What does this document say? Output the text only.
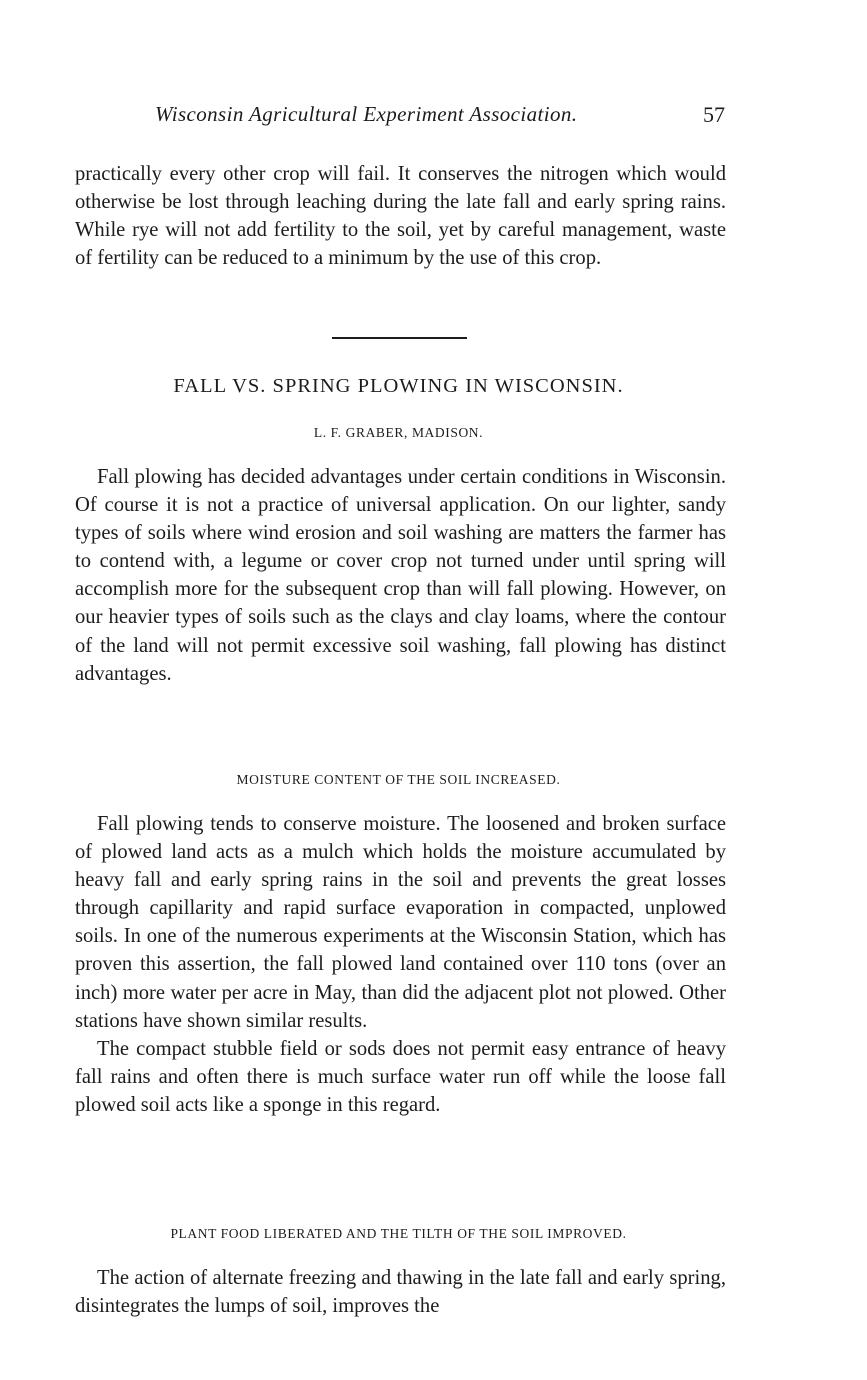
Wisconsin Agricultural Experiment Association.	57

practically every other crop will fail. It conserves the nitrogen which would otherwise be lost through leaching during the late fall and early spring rains. While rye will not add fertility to the soil, yet by careful management, waste of fertility can be reduced to a minimum by the use of this crop.

FALL VS. SPRING PLOWING IN WISCONSIN.
L. F. GRABER, MADISON.

Fall plowing has decided advantages under certain conditions in Wisconsin. Of course it is not a practice of universal application. On our lighter, sandy types of soils where wind erosion and soil washing are matters the farmer has to contend with, a legume or cover crop not turned under until spring will accomplish more for the subsequent crop than will fall plowing. However, on our heavier types of soils such as the clays and clay loams, where the contour of the land will not permit excessive soil washing, fall plowing has distinct advantages.

MOISTURE CONTENT OF THE SOIL INCREASED.

Fall plowing tends to conserve moisture. The loosened and broken surface of plowed land acts as a mulch which holds the moisture accumulated by heavy fall and early spring rains in the soil and prevents the great losses through capillarity and rapid surface evaporation in compacted, unplowed soils. In one of the numerous experiments at the Wisconsin Station, which has proven this assertion, the fall plowed land contained over 110 tons (over an inch) more water per acre in May, than did the adjacent plot not plowed. Other stations have shown similar results.

The compact stubble field or sods does not permit easy entrance of heavy fall rains and often there is much surface water run off while the loose fall plowed soil acts like a sponge in this regard.

PLANT FOOD LIBERATED AND THE TILTH OF THE SOIL IMPROVED.

The action of alternate freezing and thawing in the late fall and early spring, disintegrates the lumps of soil, improves the
